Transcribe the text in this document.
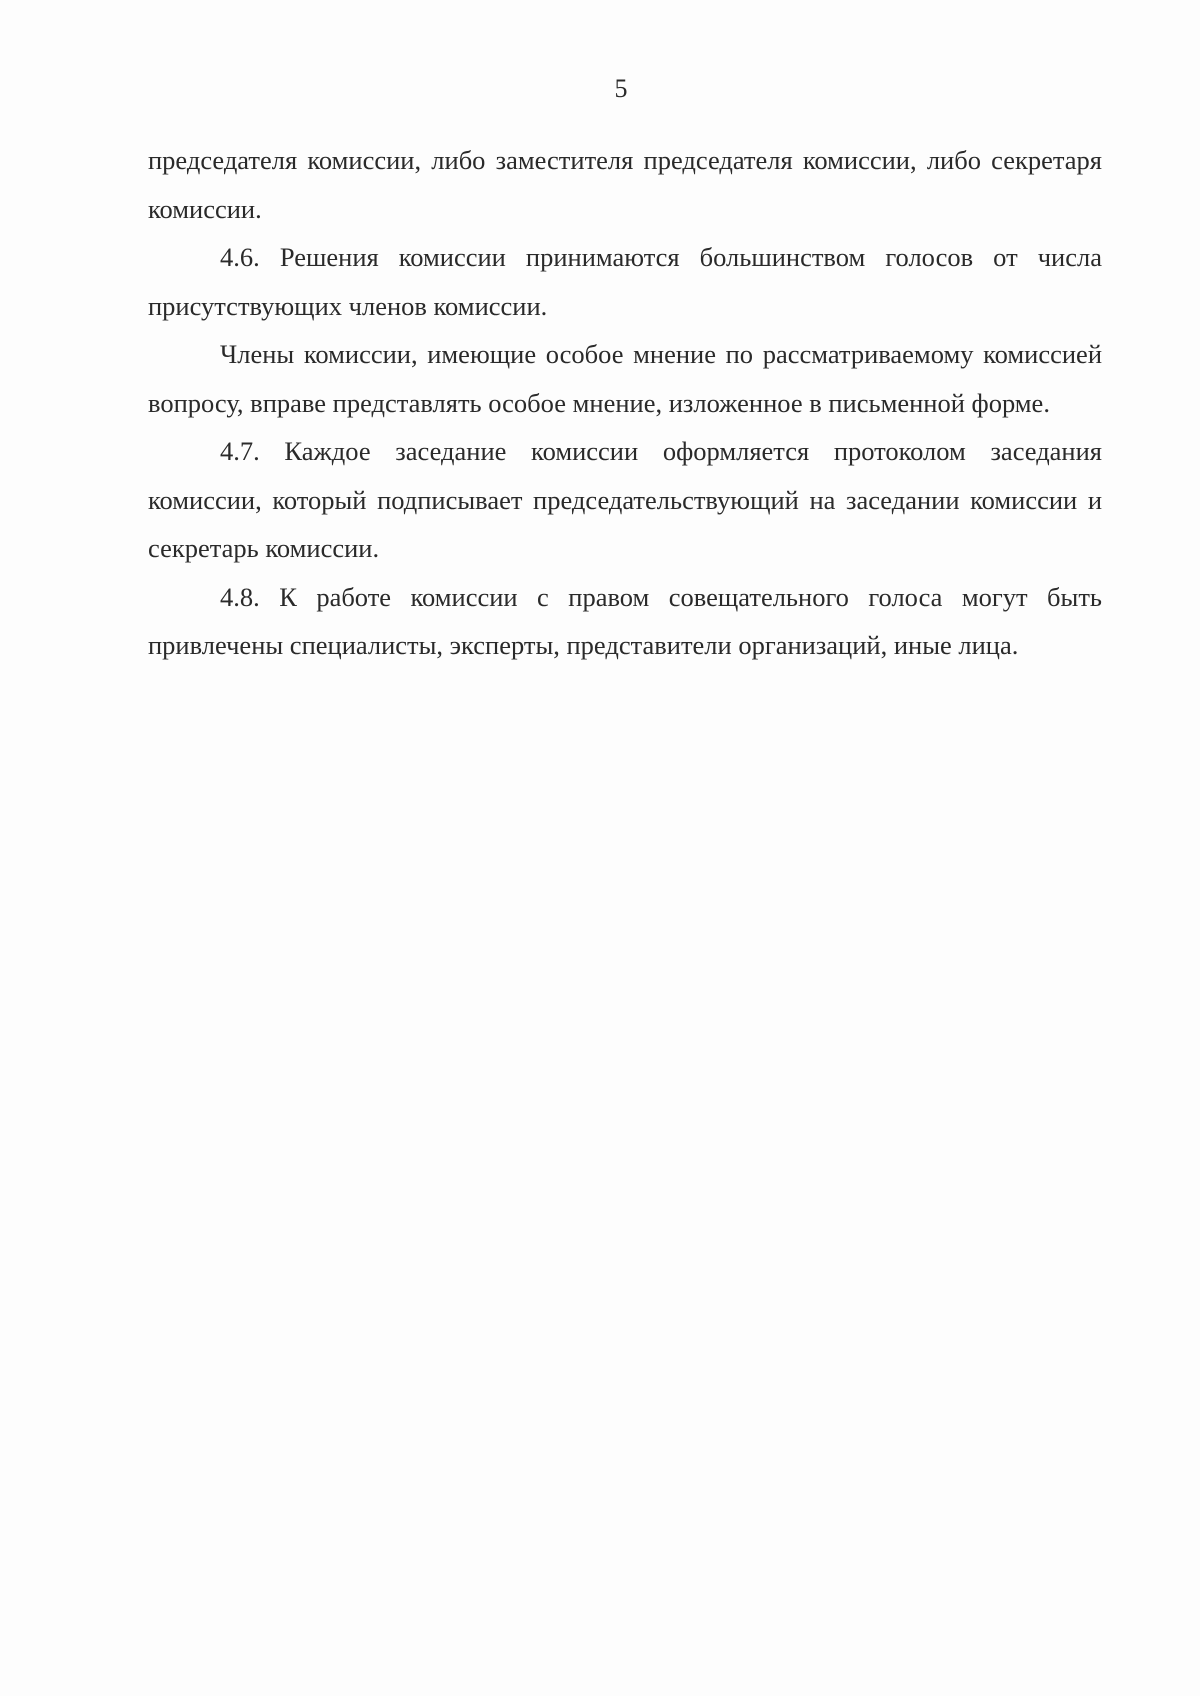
5

председателя комиссии, либо заместителя председателя комиссии, либо секретаря комиссии.

4.6. Решения комиссии принимаются большинством голосов от числа присутствующих членов комиссии.

Члены комиссии, имеющие особое мнение по рассматриваемому комиссией вопросу, вправе представлять особое мнение, изложенное в письменной форме.

4.7. Каждое заседание комиссии оформляется протоколом заседания комиссии, который подписывает председательствующий на заседании комиссии и секретарь комиссии.

4.8. К работе комиссии с правом совещательного голоса могут быть привлечены специалисты, эксперты, представители организаций, иные лица.
